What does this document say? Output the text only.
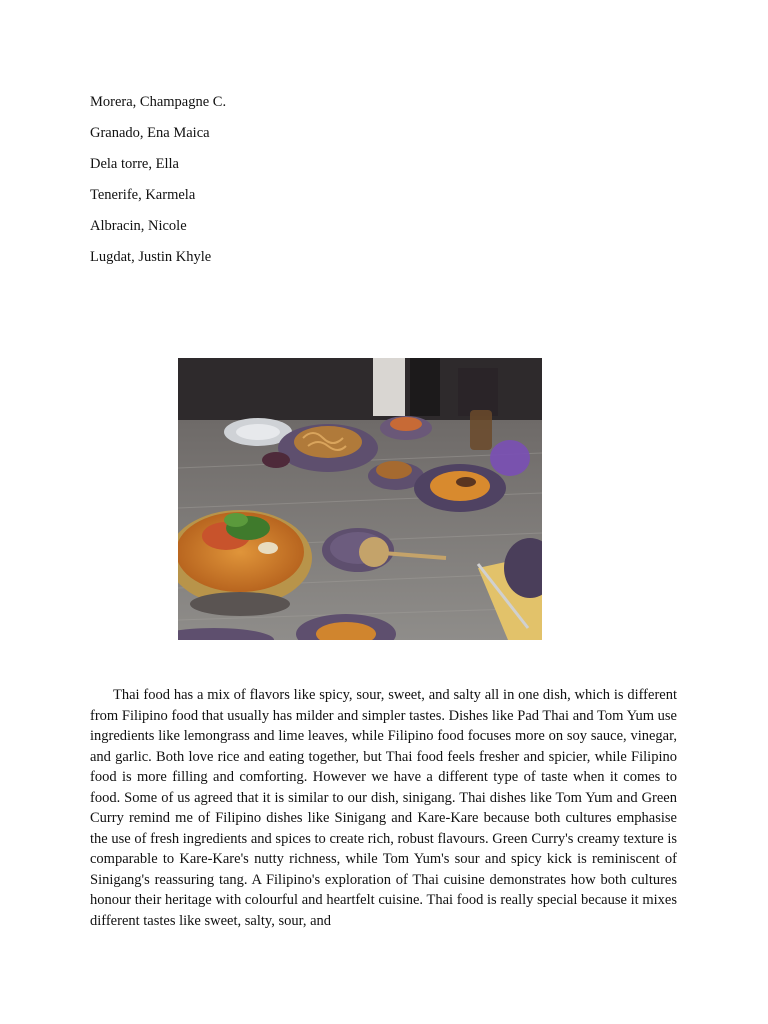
Morera, Champagne C.
Granado, Ena Maica
Dela torre, Ella
Tenerife, Karmela
Albracin, Nicole
Lugdat, Justin Khyle

Thai food has a mix of flavors like spicy, sour, sweet, and salty all in one dish, which is different from Filipino food that usually has milder and simpler tastes. Dishes like Pad Thai and Tom Yum use ingredients like lemongrass and lime leaves, while Filipino food focuses more on soy sauce, vinegar, and garlic. Both love rice and eating together, but Thai food feels fresher and spicier, while Filipino food is more filling and comforting. However we have a different type of taste when it comes to food. Some of us agreed that it is similar to our dish, sinigang. Thai dishes like Tom Yum and Green Curry remind me of Filipino dishes like Sinigang and Kare-Kare because both cultures emphasise the use of fresh ingredients and spices to create rich, robust flavours. Green Curry's creamy texture is comparable to Kare-Kare's nutty richness, while Tom Yum's sour and spicy kick is reminiscent of Sinigang's reassuring tang. A Filipino's exploration of Thai cuisine demonstrates how both cultures honour their heritage with colourful and heartfelt cuisine. Thai food is really special because it mixes different tastes like sweet, salty, sour, and
